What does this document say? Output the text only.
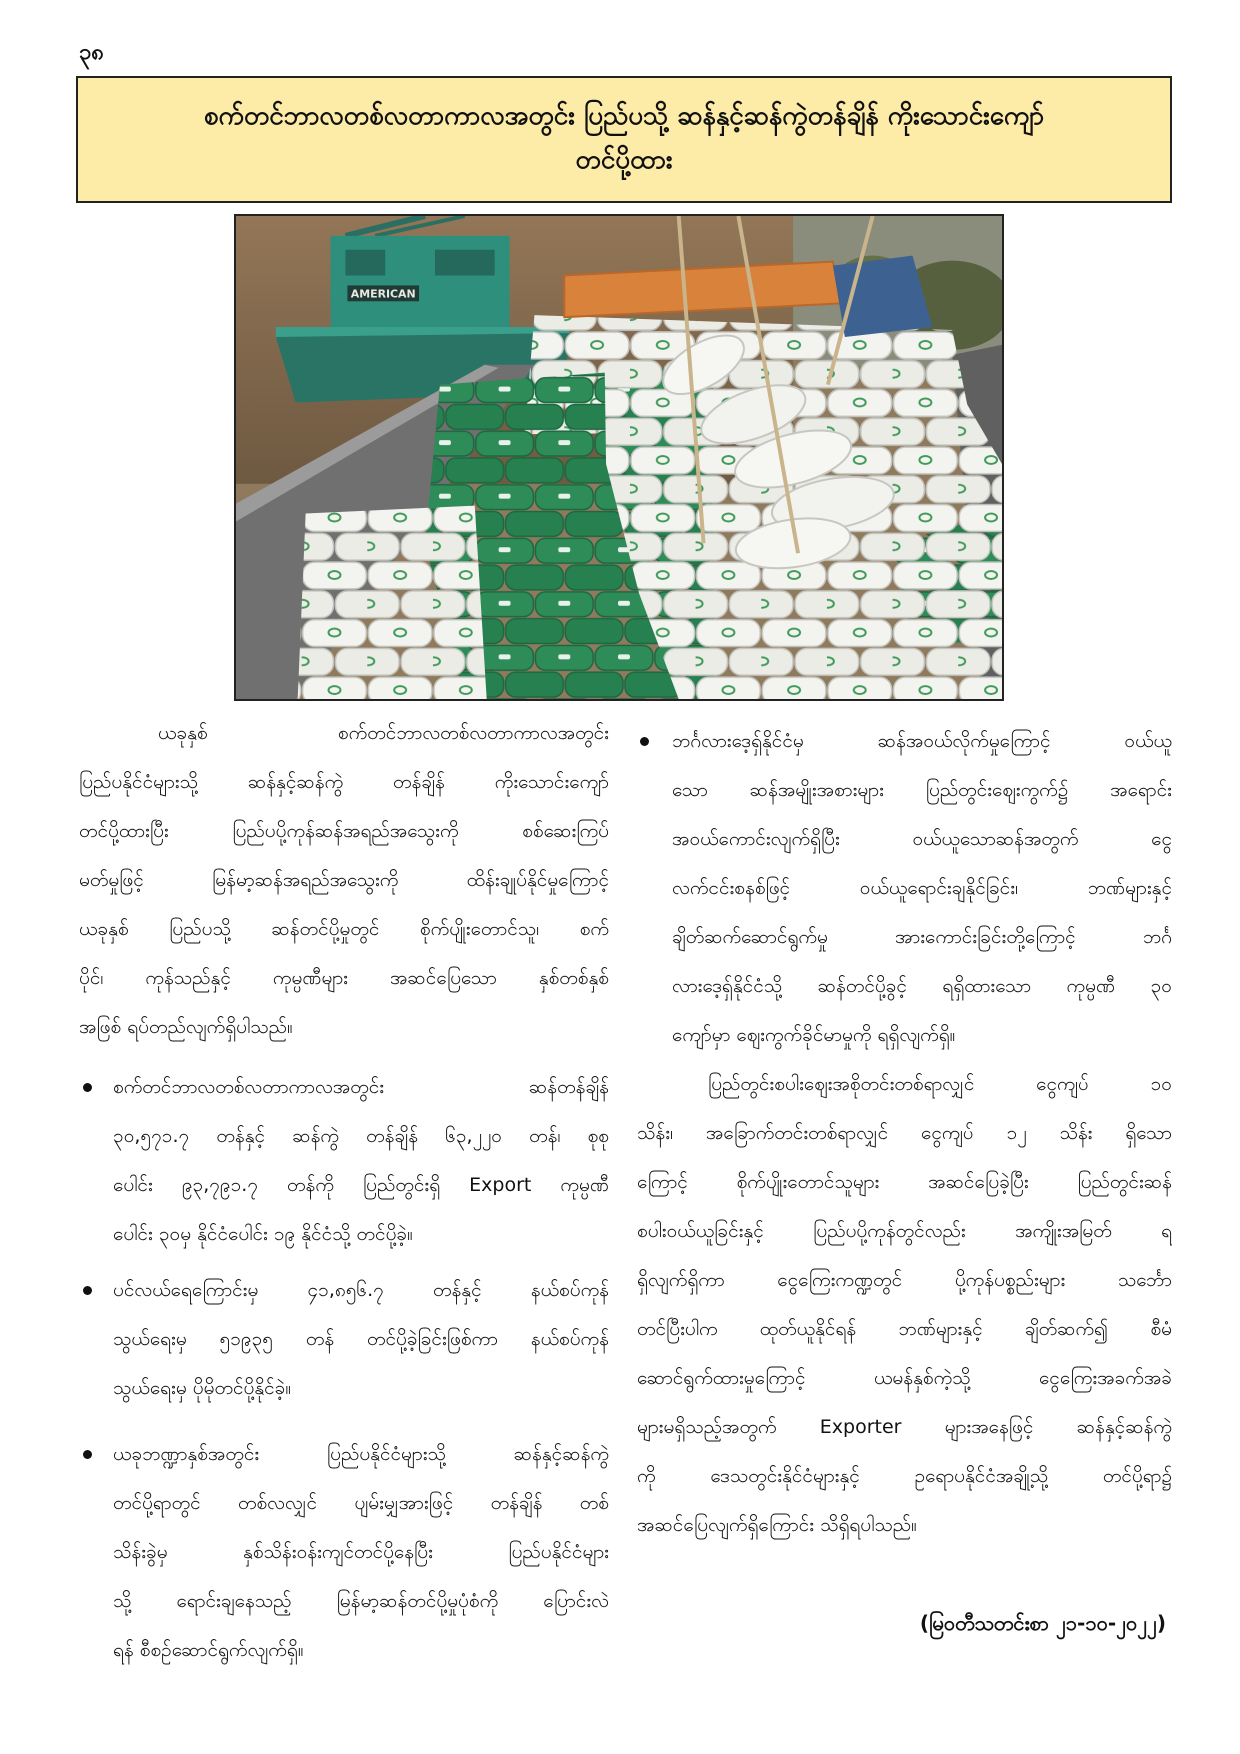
၃၈
စက်တင်ဘာလတစ်လတာကာလအတွင်း ပြည်ပသို့ ဆန်နှင့်ဆန်ကွဲတန်ချိန် ကိုးသောင်းကျော်
တင်ပို့ထား
AMERICAN
ယခုနှစ် စက်တင်ဘာလတစ်လတာကာလအတွင်း
ပြည်ပနိုင်ငံများသို့ ဆန်နှင့်ဆန်ကွဲ တန်ချိန် ကိုးသောင်းကျော်
တင်ပို့ထားပြီး ပြည်ပပို့ကုန်ဆန်အရည်အသွေးကို စစ်ဆေးကြပ်
မတ်မှုဖြင့် မြန်မာ့ဆန်အရည်အသွေးကို ထိန်းချုပ်နိုင်မှုကြောင့်
ယခုနှစ် ပြည်ပသို့ ဆန်တင်ပို့မှုတွင် စိုက်ပျိုးတောင်သူ၊ စက်
ပိုင်၊ ကုန်သည်နှင့် ကုမ္ပဏီများ အဆင်ပြေသော နှစ်တစ်နှစ်
အဖြစ် ရပ်တည်လျက်ရှိပါသည်။
စက်တင်ဘာလတစ်လတာကာလအတွင်း ဆန်တန်ချိန်
၃၀,၅၇၁.၇ တန်နှင့် ဆန်ကွဲ တန်ချိန် ၆၃,၂၂၀ တန်၊ စုစု
ပေါင်း ၉၃,၇၉၁.၇ တန်ကို ပြည်တွင်းရှိ Export ကုမ္ပဏီ
ပေါင်း ၃၀မှ နိုင်ငံပေါင်း ၁၉ နိုင်ငံသို့ တင်ပို့ခဲ့။
ပင်လယ်ရေကြောင်းမှ ၄၁,၈၅၆.၇ တန်နှင့် နယ်စပ်ကုန်
သွယ်ရေးမှ ၅၁၉၃၅ တန် တင်ပို့ခဲ့ခြင်းဖြစ်ကာ နယ်စပ်ကုန်
သွယ်ရေးမှ ပိုမိုတင်ပို့နိုင်ခဲ့။
ယခုဘဏ္ဍာနှစ်အတွင်း ပြည်ပနိုင်ငံများသို့ ဆန်နှင့်ဆန်ကွဲ
တင်ပို့ရာတွင် တစ်လလျှင် ပျမ်းမျှအားဖြင့် တန်ချိန် တစ်
သိန်းခွဲမှ နှစ်သိန်းဝန်းကျင်တင်ပို့နေပြီး ပြည်ပနိုင်ငံများ
သို့ ရောင်းချနေသည့် မြန်မာ့ဆန်တင်ပို့မှုပုံစံကို ပြောင်းလဲ
ရန် စီစဉ်ဆောင်ရွက်လျက်ရှိ။
ဘင်္ဂလားဒေ့ရှ်နိုင်ငံမှ ဆန်အဝယ်လိုက်မှုကြောင့် ဝယ်ယူ
သော ဆန်အမျိုးအစားများ ပြည်တွင်းဈေးကွက်၌ အရောင်း
အဝယ်ကောင်းလျက်ရှိပြီး ဝယ်ယူသောဆန်အတွက် ငွေ
လက်ငင်းစနစ်ဖြင့် ဝယ်ယူရောင်းချနိုင်ခြင်း၊ ဘဏ်များနှင့်
ချိတ်ဆက်ဆောင်ရွက်မှု အားကောင်းခြင်းတို့ကြောင့် ဘင်္ဂ
လားဒေ့ရှ်နိုင်ငံသို့ ဆန်တင်ပို့ခွင့် ရရှိထားသော ကုမ္ပဏီ ၃၀
ကျော်မှာ ဈေးကွက်ခိုင်မာမှုကို ရရှိလျက်ရှိ။
ပြည်တွင်းစပါးဈေးအစိုတင်းတစ်ရာလျှင် ငွေကျပ် ၁၀
သိန်း၊ အခြောက်တင်းတစ်ရာလျှင် ငွေကျပ် ၁၂ သိန်း ရှိသော
ကြောင့် စိုက်ပျိုးတောင်သူများ အဆင်ပြေခဲ့ပြီး ပြည်တွင်းဆန်
စပါးဝယ်ယူခြင်းနှင့် ပြည်ပပို့ကုန်တွင်လည်း အကျိုးအမြတ် ရ
ရှိလျက်ရှိကာ ငွေကြေးကဏ္ဍတွင် ပို့ကုန်ပစ္စည်းများ သင်္ဘော
တင်ပြီးပါက ထုတ်ယူနိုင်ရန် ဘဏ်များနှင့် ချိတ်ဆက်၍ စီမံ
ဆောင်ရွက်ထားမှုကြောင့် ယမန်နှစ်ကဲ့သို့ ငွေကြေးအခက်အခဲ
များမရှိသည့်အတွက် Exporter များအနေဖြင့် ဆန်နှင့်ဆန်ကွဲ
ကို ဒေသတွင်းနိုင်ငံများနှင့် ဥရောပနိုင်ငံအချို့သို့ တင်ပို့ရာ၌
အဆင်ပြေလျက်ရှိကြောင်း သိရှိရပါသည်။
(မြဝတီသတင်းစာ ၂၁-၁၀-၂၀၂၂)
